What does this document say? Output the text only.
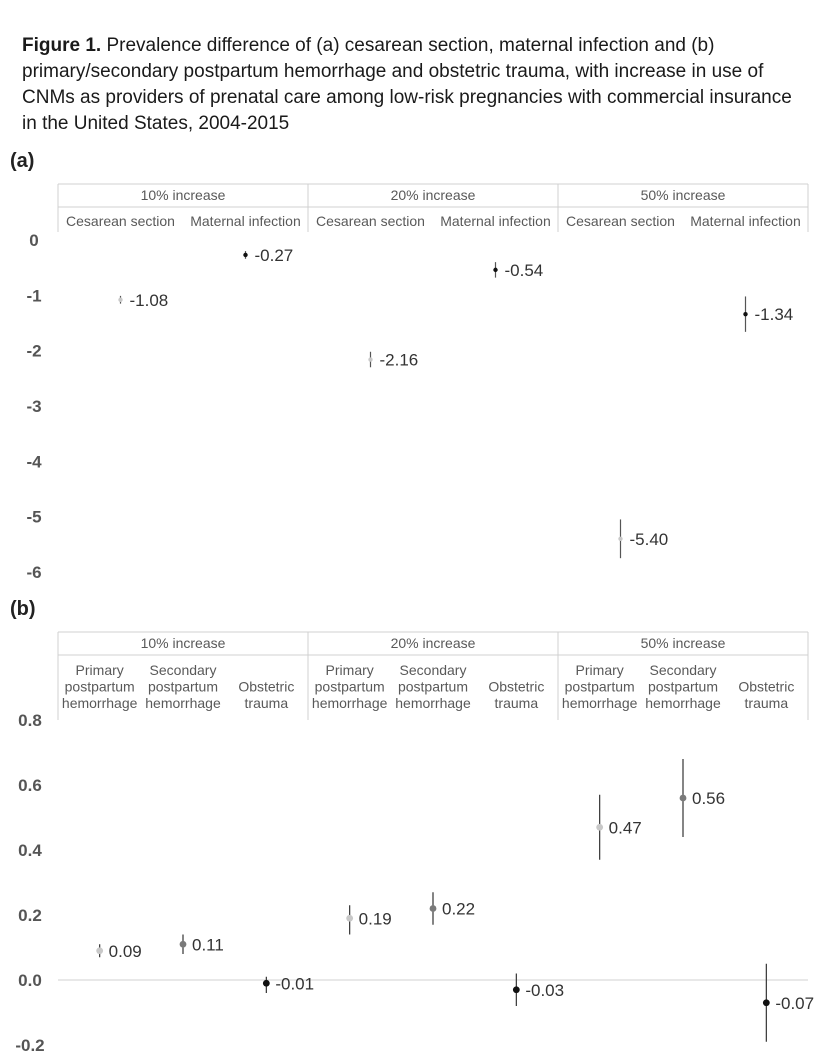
Figure 1. Prevalence difference of (a) cesarean section, maternal infection and (b) primary/secondary postpartum hemorrhage and obstetric trauma, with increase in use of CNMs as providers of prenatal care among low-risk pregnancies with commercial insurance in the United States, 2004-2015
(a)
(b)
10% increase
Cesarean section Maternal infection
20% increase
Cesarean section Maternal infection
50% increase
Cesarean section Maternal infection
0
-1
-2
-3
-4
-5
-6
-1.08
-0.27
-2.16
-0.54
-5.40
-1.34
10% increase
Primary
postpartum
hemorrhage
Secondary
postpartum
hemorrhage
Obstetric
trauma
20% increase
Primary
postpartum
hemorrhage
Secondary
postpartum
hemorrhage
Obstetric
trauma
50% increase
Primary
postpartum
hemorrhage
Secondary
postpartum
hemorrhage
Obstetric
trauma
0.8
0.6
0.4
0.2
0.0
-0.2
0.09	0.11
-0.01
0.19
0.22
-0.03
0.47
0.56
-0.07
